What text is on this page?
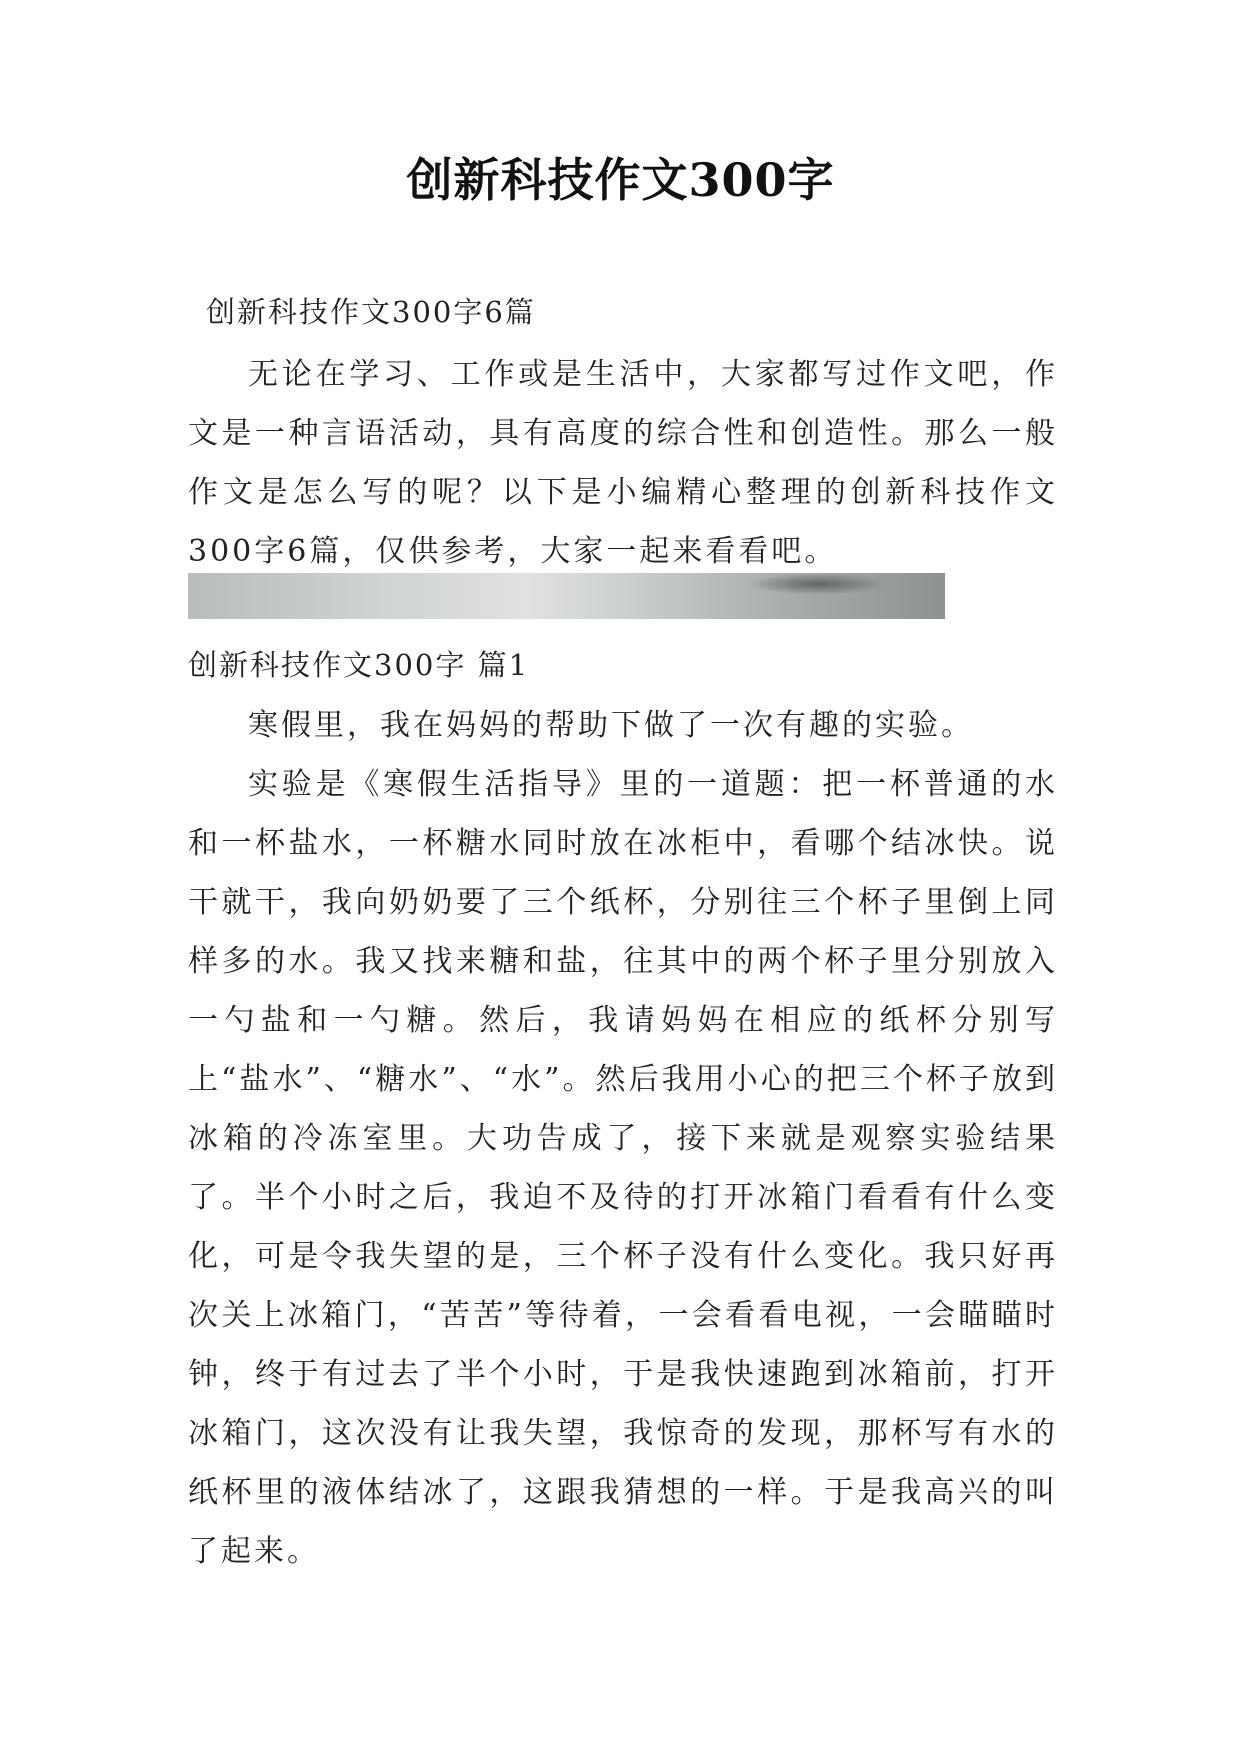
创新科技作文300字
创新科技作文300字6篇

无论在学习、工作或是生活中，大家都写过作文吧，作文是一种言语活动，具有高度的综合性和创造性。那么一般作文是怎么写的呢？以下是小编精心整理的创新科技作文300字6篇，仅供参考，大家一起来看看吧。

创新科技作文300字 篇1

寒假里，我在妈妈的帮助下做了一次有趣的实验。

实验是《寒假生活指导》里的一道题：把一杯普通的水和一杯盐水，一杯糖水同时放在冰柜中，看哪个结冰快。说干就干，我向奶奶要了三个纸杯，分别往三个杯子里倒上同样多的水。我又找来糖和盐，往其中的两个杯子里分别放入一勺盐和一勺糖。然后，我请妈妈在相应的纸杯分别写上“盐水”、“糖水”、“水”。然后我用小心的把三个杯子放到冰箱的冷冻室里。大功告成了，接下来就是观察实验结果了。半个小时之后，我迫不及待的打开冰箱门看看有什么变化，可是令我失望的是，三个杯子没有什么变化。我只好再次关上冰箱门，“苦苦”等待着，一会看看电视，一会瞄瞄时钟，终于有过去了半个小时，于是我快速跑到冰箱前，打开冰箱门，这次没有让我失望，我惊奇的发现，那杯写有水的纸杯里的液体结冰了，这跟我猜想的一样。于是我高兴的叫了起来。
